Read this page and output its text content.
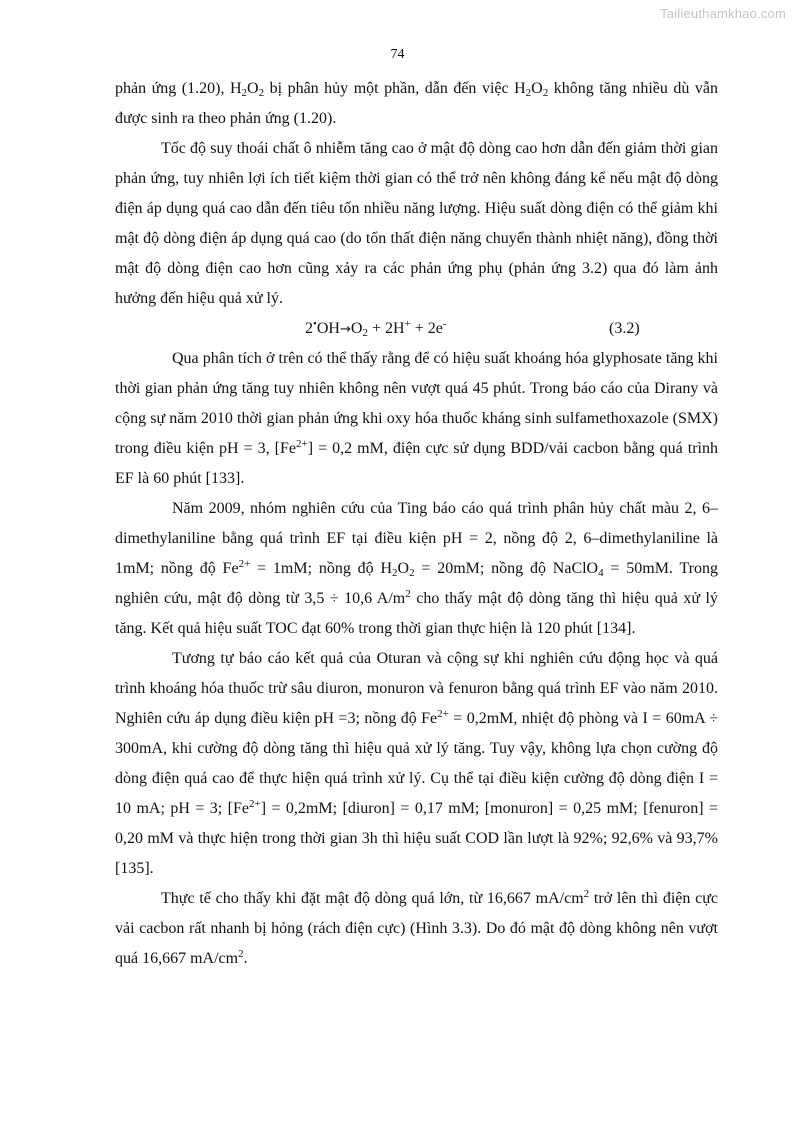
Tailieuthamkhao.com
74

phản ứng (1.20), $H_2O_2$ bị phân hủy một phần, dẫn đến việc $H_2O_2$ không tăng nhiều dù vẫn được sinh ra theo phản ứng (1.20).

Tốc độ suy thoái chất ô nhiễm tăng cao ở mật độ dòng cao hơn dẫn đến giảm thời gian phản ứng, tuy nhiên lợi ích tiết kiệm thời gian có thể trở nên không đáng kể nếu mật độ dòng điện áp dụng quá cao dẫn đến tiêu tốn nhiều năng lượng. Hiệu suất dòng điện có thể giảm khi mật độ dòng điện áp dụng quá cao (do tổn thất điện năng chuyển thành nhiệt năng), đồng thời mật độ dòng điện cao hơn cũng xảy ra các phản ứng phụ (phản ứng 3.2) qua đó làm ảnh hưởng đến hiệu quả xử lý.

$2^•OH\to O_2 + 2H^+ + 2e^-$	(3.2)

Qua phân tích ở trên có thể thấy rằng để có hiệu suất khoáng hóa glyphosate tăng khi thời gian phản ứng tăng tuy nhiên không nên vượt quá 45 phút. Trong báo cáo của Dirany và cộng sự năm 2010 thời gian phản ứng khi oxy hóa thuốc kháng sinh sulfamethoxazole (SMX) trong điều kiện pH = 3, $[Fe^{2+}] = 0,2$ mM, điện cực sử dụng BDD/vải cacbon bằng quá trình EF là 60 phút [133].

Năm 2009, nhóm nghiên cứu của Ting báo cáo quá trình phân hủy chất màu 2, 6–dimethylaniline bằng quá trình EF tại điều kiện pH = 2, nồng độ 2, 6–dimethylaniline là 1mM; nồng độ $Fe^{2+} = 1mM$; nồng độ $H_2O_2 = 20mM$; nồng độ NaClO$_4$ = 50mM. Trong nghiên cứu, mật độ dòng từ 3,5 ÷ 10,6 $A/m^2$ cho thấy mật độ dòng tăng thì hiệu quả xử lý tăng. Kết quả hiệu suất TOC đạt 60% trong thời gian thực hiện là 120 phút [134].

Tương tự báo cáo kết quả của Oturan và cộng sự khi nghiên cứu động học và quá trình khoáng hóa thuốc trừ sâu diuron, monuron và fenuron bằng quá trình EF vào năm 2010. Nghiên cứu áp dụng điều kiện pH =3; nồng độ $Fe^{2+} = 0,2mM$, nhiệt độ phòng và I = 60mA ÷ 300mA, khi cường độ dòng tăng thì hiệu quả xử lý tăng. Tuy vậy, không lựa chọn cường độ dòng điện quá cao để thực hiện quá trình xử lý. Cụ thể tại điều kiện cường độ dòng điện I = 10 mA; pH = 3; $[Fe^{2+}] = 0,2mM$; [diuron] = 0,17 mM; [monuron] = 0,25 mM; [fenuron] = 0,20 mM và thực hiện trong thời gian 3h thì hiệu suất COD lần lượt là 92%; 92,6% và 93,7% [135].

Thực tế cho thấy khi đặt mật độ dòng quá lớn, từ 16,667 $mA/cm^2$ trở lên thì điện cực vải cacbon rất nhanh bị hỏng (rách điện cực) (Hình 3.3). Do đó mật độ dòng không nên vượt quá 16,667 $mA/cm^2$.
